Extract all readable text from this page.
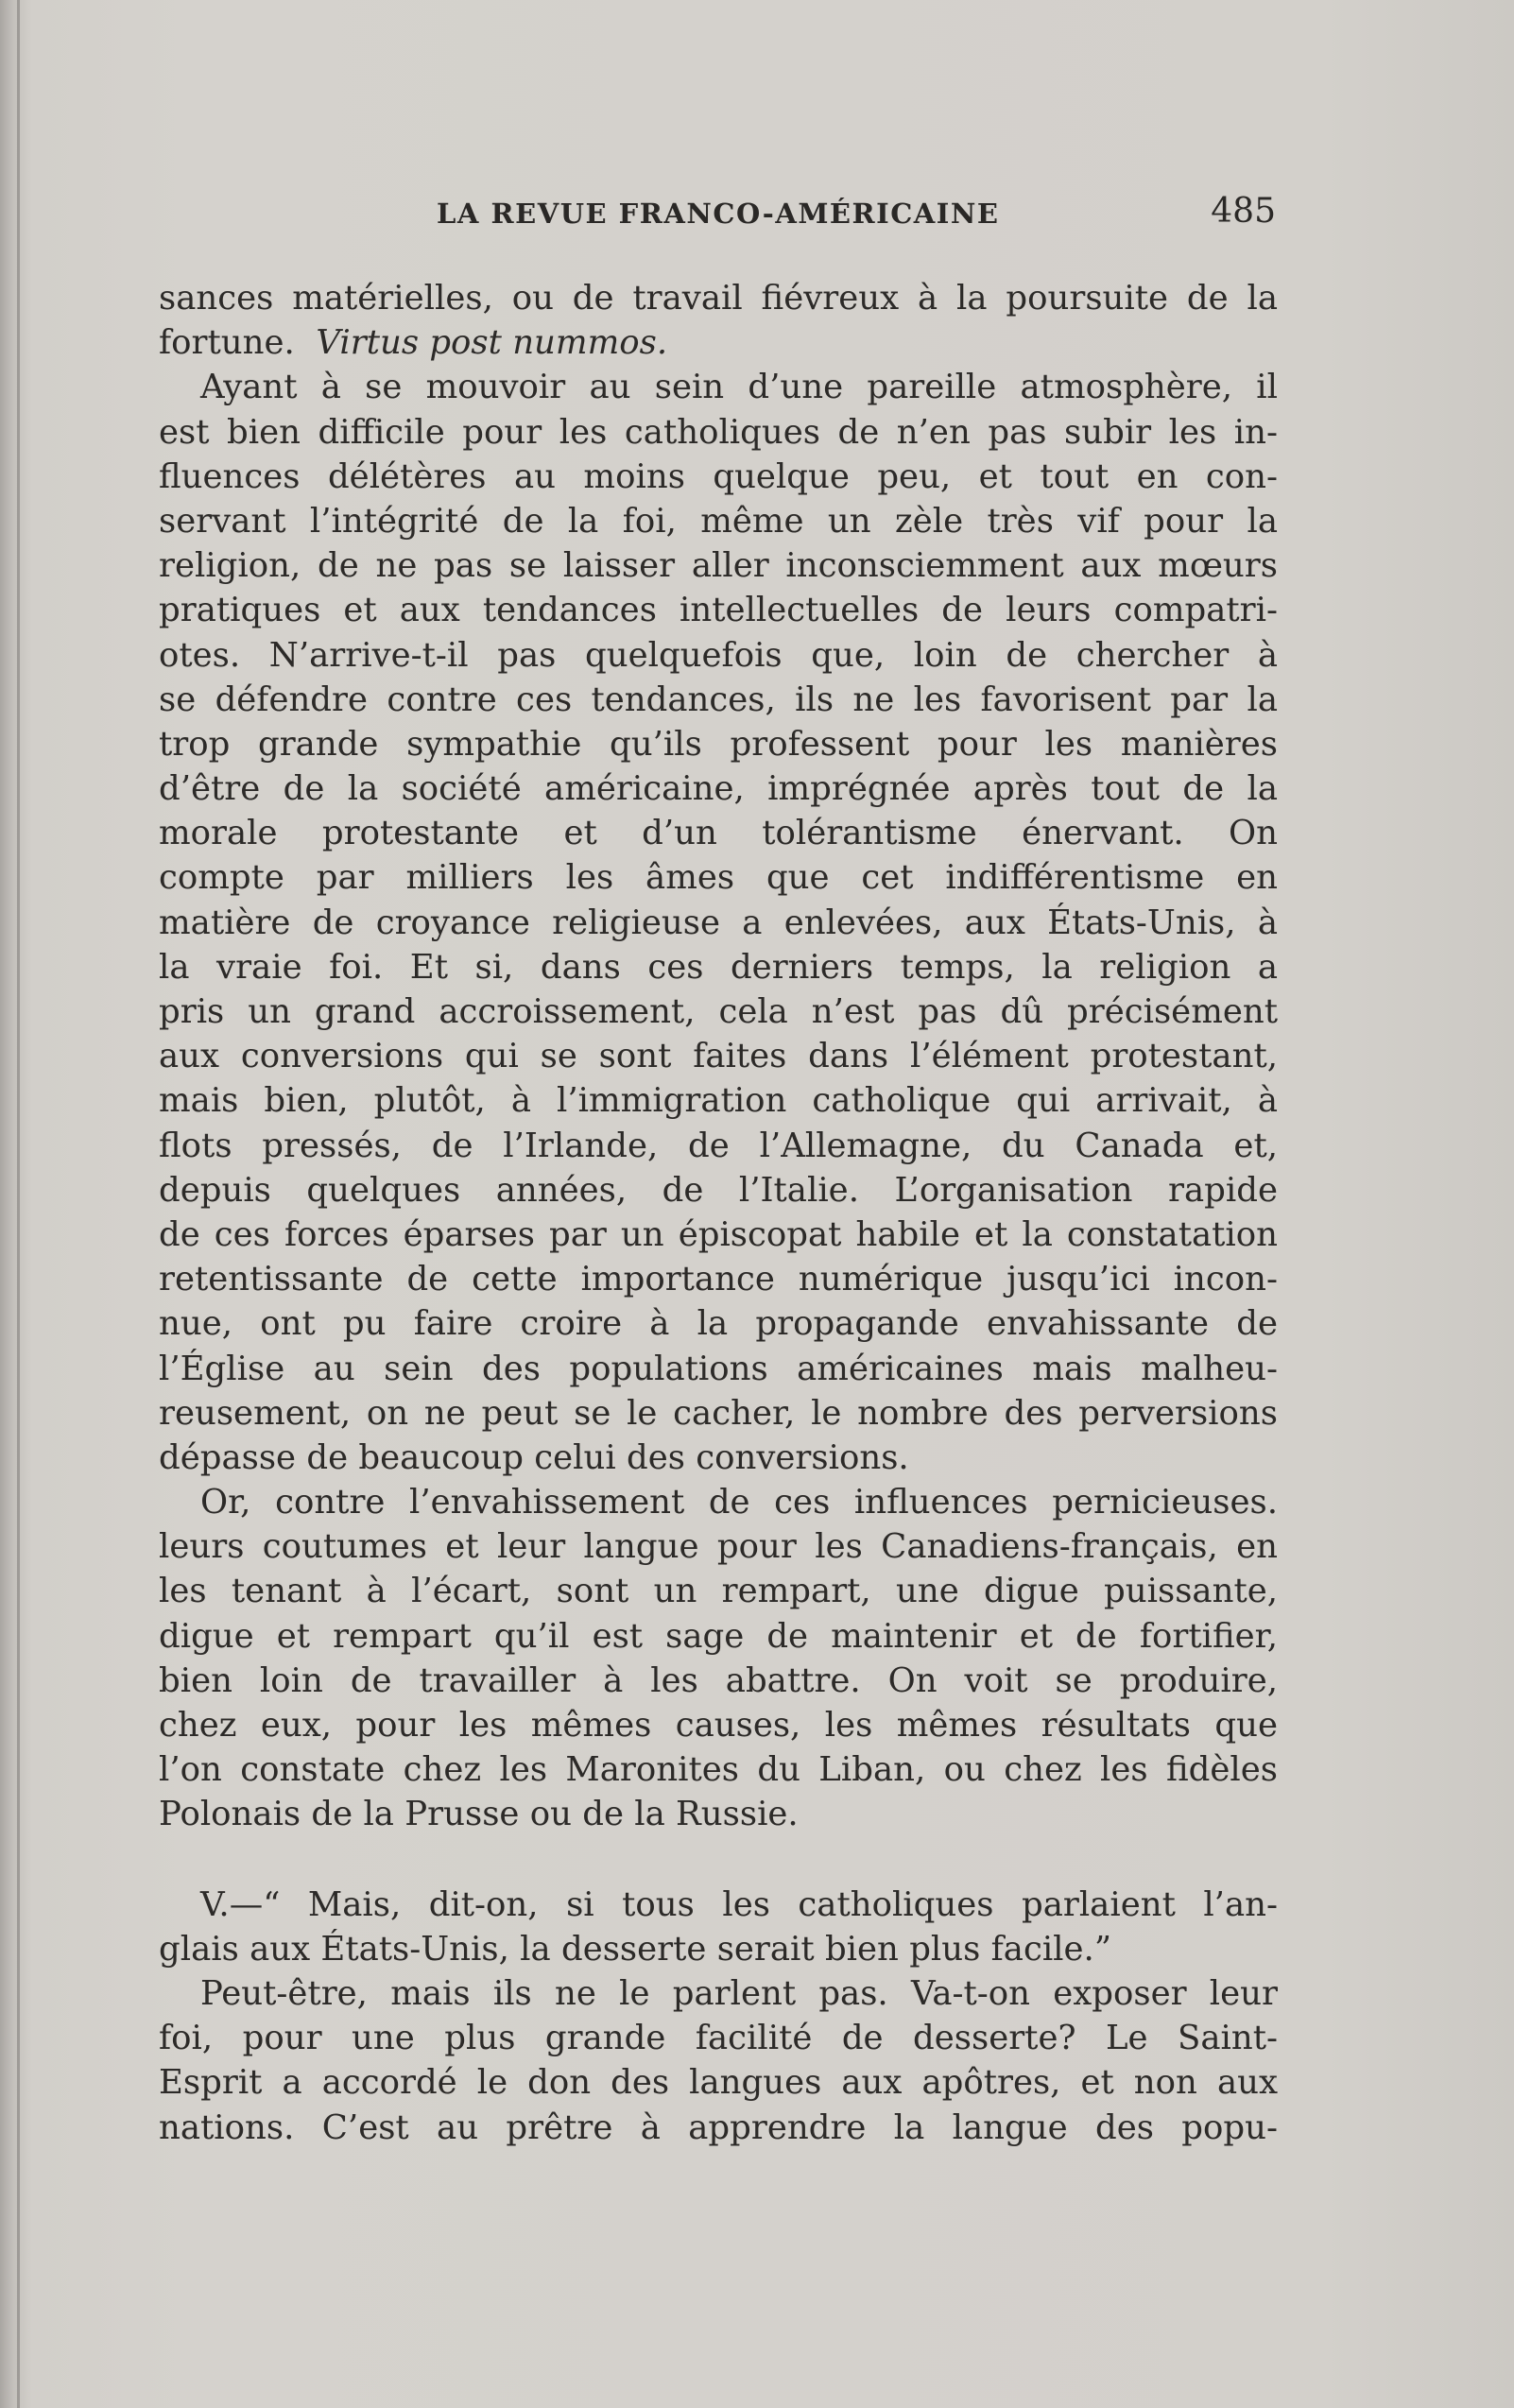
LA REVUE FRANCO-AMÉRICAINE	485
sances matérielles, ou de travail fiévreux à la poursuite de la
fortune. Virtus post nummos.
Ayant à se mouvoir au sein d’une pareille atmosphère, il
est bien difficile pour les catholiques de n’en pas subir les in-
fluences délétères au moins quelque peu, et tout en con-
servant l’intégrité de la foi, même un zèle très vif pour la
religion, de ne pas se laisser aller inconsciemment aux mœurs
pratiques et aux tendances intellectuelles de leurs compatri-
otes. N’arrive-t-il pas quelquefois que, loin de chercher à
se défendre contre ces tendances, ils ne les favorisent par la
trop grande sympathie qu’ils professent pour les manières
d’être de la société américaine, imprégnée après tout de la
morale protestante et d’un tolérantisme énervant. On
compte par milliers les âmes que cet indifférentisme en
matière de croyance religieuse a enlevées, aux États-Unis, à
la vraie foi. Et si, dans ces derniers temps, la religion a
pris un grand accroissement, cela n’est pas dû précisément
aux conversions qui se sont faites dans l’élément protestant,
mais bien, plutôt, à l’immigration catholique qui arrivait, à
flots pressés, de l’Irlande, de l’Allemagne, du Canada et,
depuis quelques années, de l’Italie. L’organisation rapide
de ces forces éparses par un épiscopat habile et la constatation
retentissante de cette importance numérique jusqu’ici incon-
nue, ont pu faire croire à la propagande envahissante de
l’Église au sein des populations américaines mais malheu-
reusement, on ne peut se le cacher, le nombre des perversions
dépasse de beaucoup celui des conversions.
Or, contre l’envahissement de ces influences pernicieuses.
leurs coutumes et leur langue pour les Canadiens-français, en
les tenant à l’écart, sont un rempart, une digue puissante,
digue et rempart qu’il est sage de maintenir et de fortifier,
bien loin de travailler à les abattre. On voit se produire,
chez eux, pour les mêmes causes, les mêmes résultats que
l’on constate chez les Maronites du Liban, ou chez les fidèles
Polonais de la Prusse ou de la Russie.
V.—“ Mais, dit-on, si tous les catholiques parlaient l’an-
glais aux États-Unis, la desserte serait bien plus facile.”
Peut-être, mais ils ne le parlent pas. Va-t-on exposer leur
foi, pour une plus grande facilité de desserte? Le Saint-
Esprit a accordé le don des langues aux apôtres, et non aux
nations. C’est au prêtre à apprendre la langue des popu-
